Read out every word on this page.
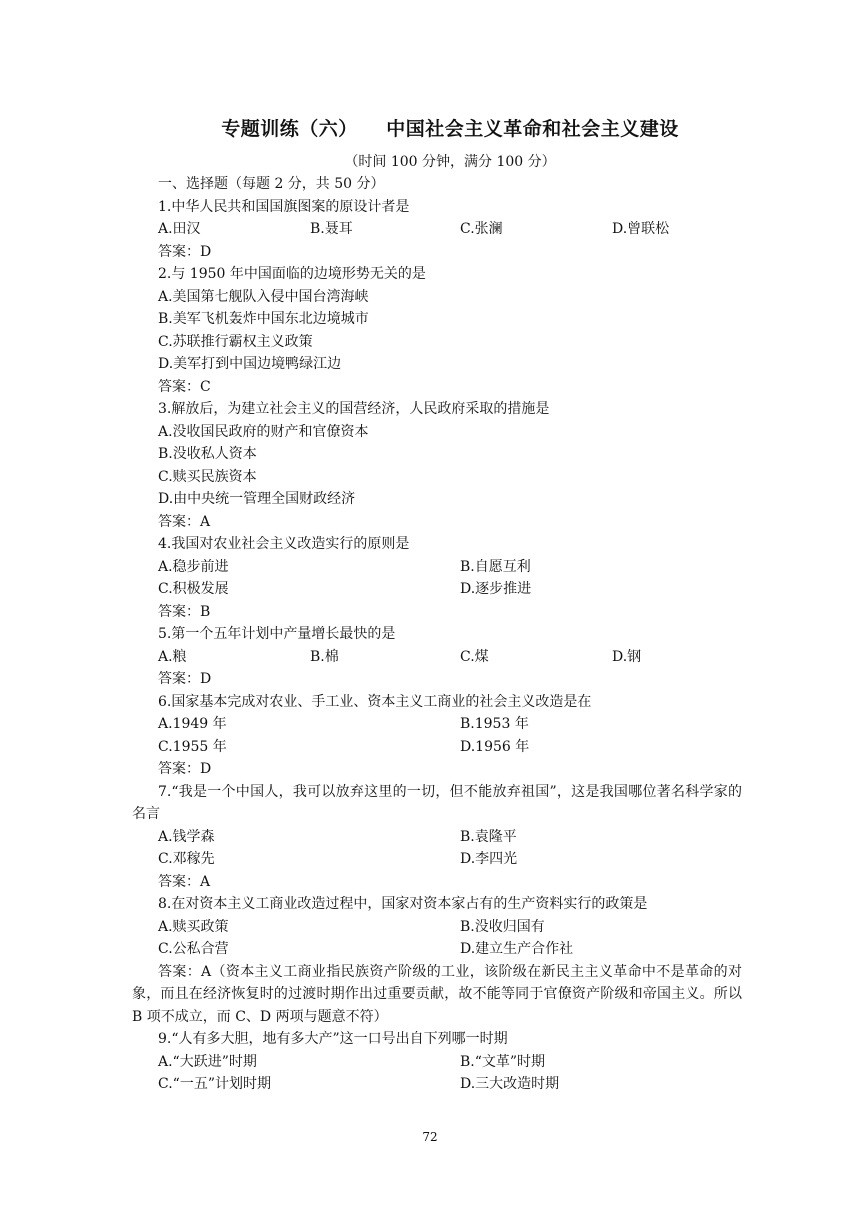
专题训练（六）    中国社会主义革命和社会主义建设
（时间 100 分钟，满分 100 分）
一、选择题（每题 2 分，共 50 分）
1.中华人民共和国国旗图案的原设计者是
A.田汉	B.聂耳	C.张澜	D.曾联松
答案：D
2.与 1950 年中国面临的边境形势无关的是
A.美国第七舰队入侵中国台湾海峡
B.美军飞机轰炸中国东北边境城市
C.苏联推行霸权主义政策
D.美军打到中国边境鸭绿江边
答案：C
3.解放后，为建立社会主义的国营经济，人民政府采取的措施是
A.没收国民政府的财产和官僚资本
B.没收私人资本
C.赎买民族资本
D.由中央统一管理全国财政经济
答案：A
4.我国对农业社会主义改造实行的原则是
A.稳步前进	B.自愿互利
C.积极发展	D.逐步推进
答案：B
5.第一个五年计划中产量增长最快的是
A.粮	B.棉	C.煤	D.钢
答案：D
6.国家基本完成对农业、手工业、资本主义工商业的社会主义改造是在
A.1949 年	B.1953 年
C.1955 年	D.1956 年
答案：D
7.“我是一个中国人，我可以放弃这里的一切，但不能放弃祖国”，这是我国哪位著名科学家的名言
A.钱学森	B.袁隆平
C.邓稼先	D.李四光
答案：A
8.在对资本主义工商业改造过程中，国家对资本家占有的生产资料实行的政策是
A.赎买政策	B.没收归国有
C.公私合营	D.建立生产合作社
答案：A（资本主义工商业指民族资产阶级的工业，该阶级在新民主主义革命中不是革命的对象，而且在经济恢复时的过渡时期作出过重要贡献，故不能等同于官僚资产阶级和帝国主义。所以 B 项不成立，而 C、D 两项与题意不符）
9.“人有多大胆，地有多大产”这一口号出自下列哪一时期
A.“大跃进”时期	B.“文革”时期
C.“一五”计划时期	D.三大改造时期
72
